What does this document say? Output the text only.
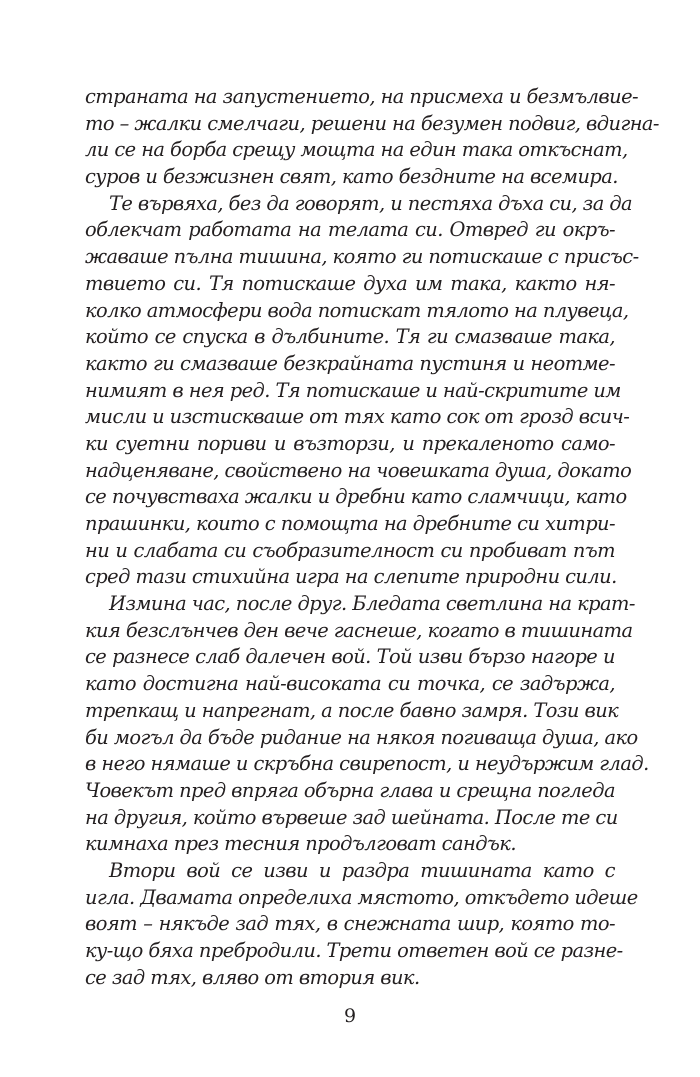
страната на запустението, на присмеха и безмълвие-
то – жалки смелчаги, решени на безумен подвиг, вдигна-
ли се на борба срещу мощта на един така откъснат,
суров и безжизнен свят, като бездните на всемира.
Те вървяха, без да говорят, и пестяха дъха си, за да
облекчат работата на телата си. Отвред ги окръ-
жаваше пълна тишина, която ги потискаше с присъс-
твието си. Тя потискаше духа им така, както ня-
колко атмосфери вода потискат тялото на плувеца,
който се спуска в дълбините. Тя ги смазваше така,
както ги смазваше безкрайната пустиня и неотме-
нимият в нея ред. Тя потискаше и най-скритите им
мисли и изстискваше от тях като сок от грозд всич-
ки суетни пориви и възторзи, и прекаленото само-
надценяване, свойствено на човешката душа, докато
се почувстваха жалки и дребни като сламчици, като
прашинки, които с помощта на дребните си хитри-
ни и слабата си съобразителност си пробиват път
сред тази стихийна игра на слепите природни сили.
Измина час, после друг. Бледата светлина на крат-
кия безслънчев ден вече гаснеше, когато в тишината
се разнесе слаб далечен вой. Той изви бързо нагоре и
като достигна най-високата си точка, се задържа,
трепкащ и напрегнат, а после бавно замря. Този вик
би могъл да бъде ридание на някоя погиваща душа, ако
в него нямаше и скръбна свирепост, и неудържим глад.
Човекът пред впряга обърна глава и срещна погледа
на другия, който вървеше зад шейната. После те си
кимнаха през тесния продълговат сандък.
Втори вой се изви и раздра тишината като с
игла. Двамата определиха мястото, откъдето идеше
воят – някъде зад тях, в снежната шир, която то-
ку-що бяха пребродили. Трети ответен вой се разне-
се зад тях, вляво от втория вик.
9
